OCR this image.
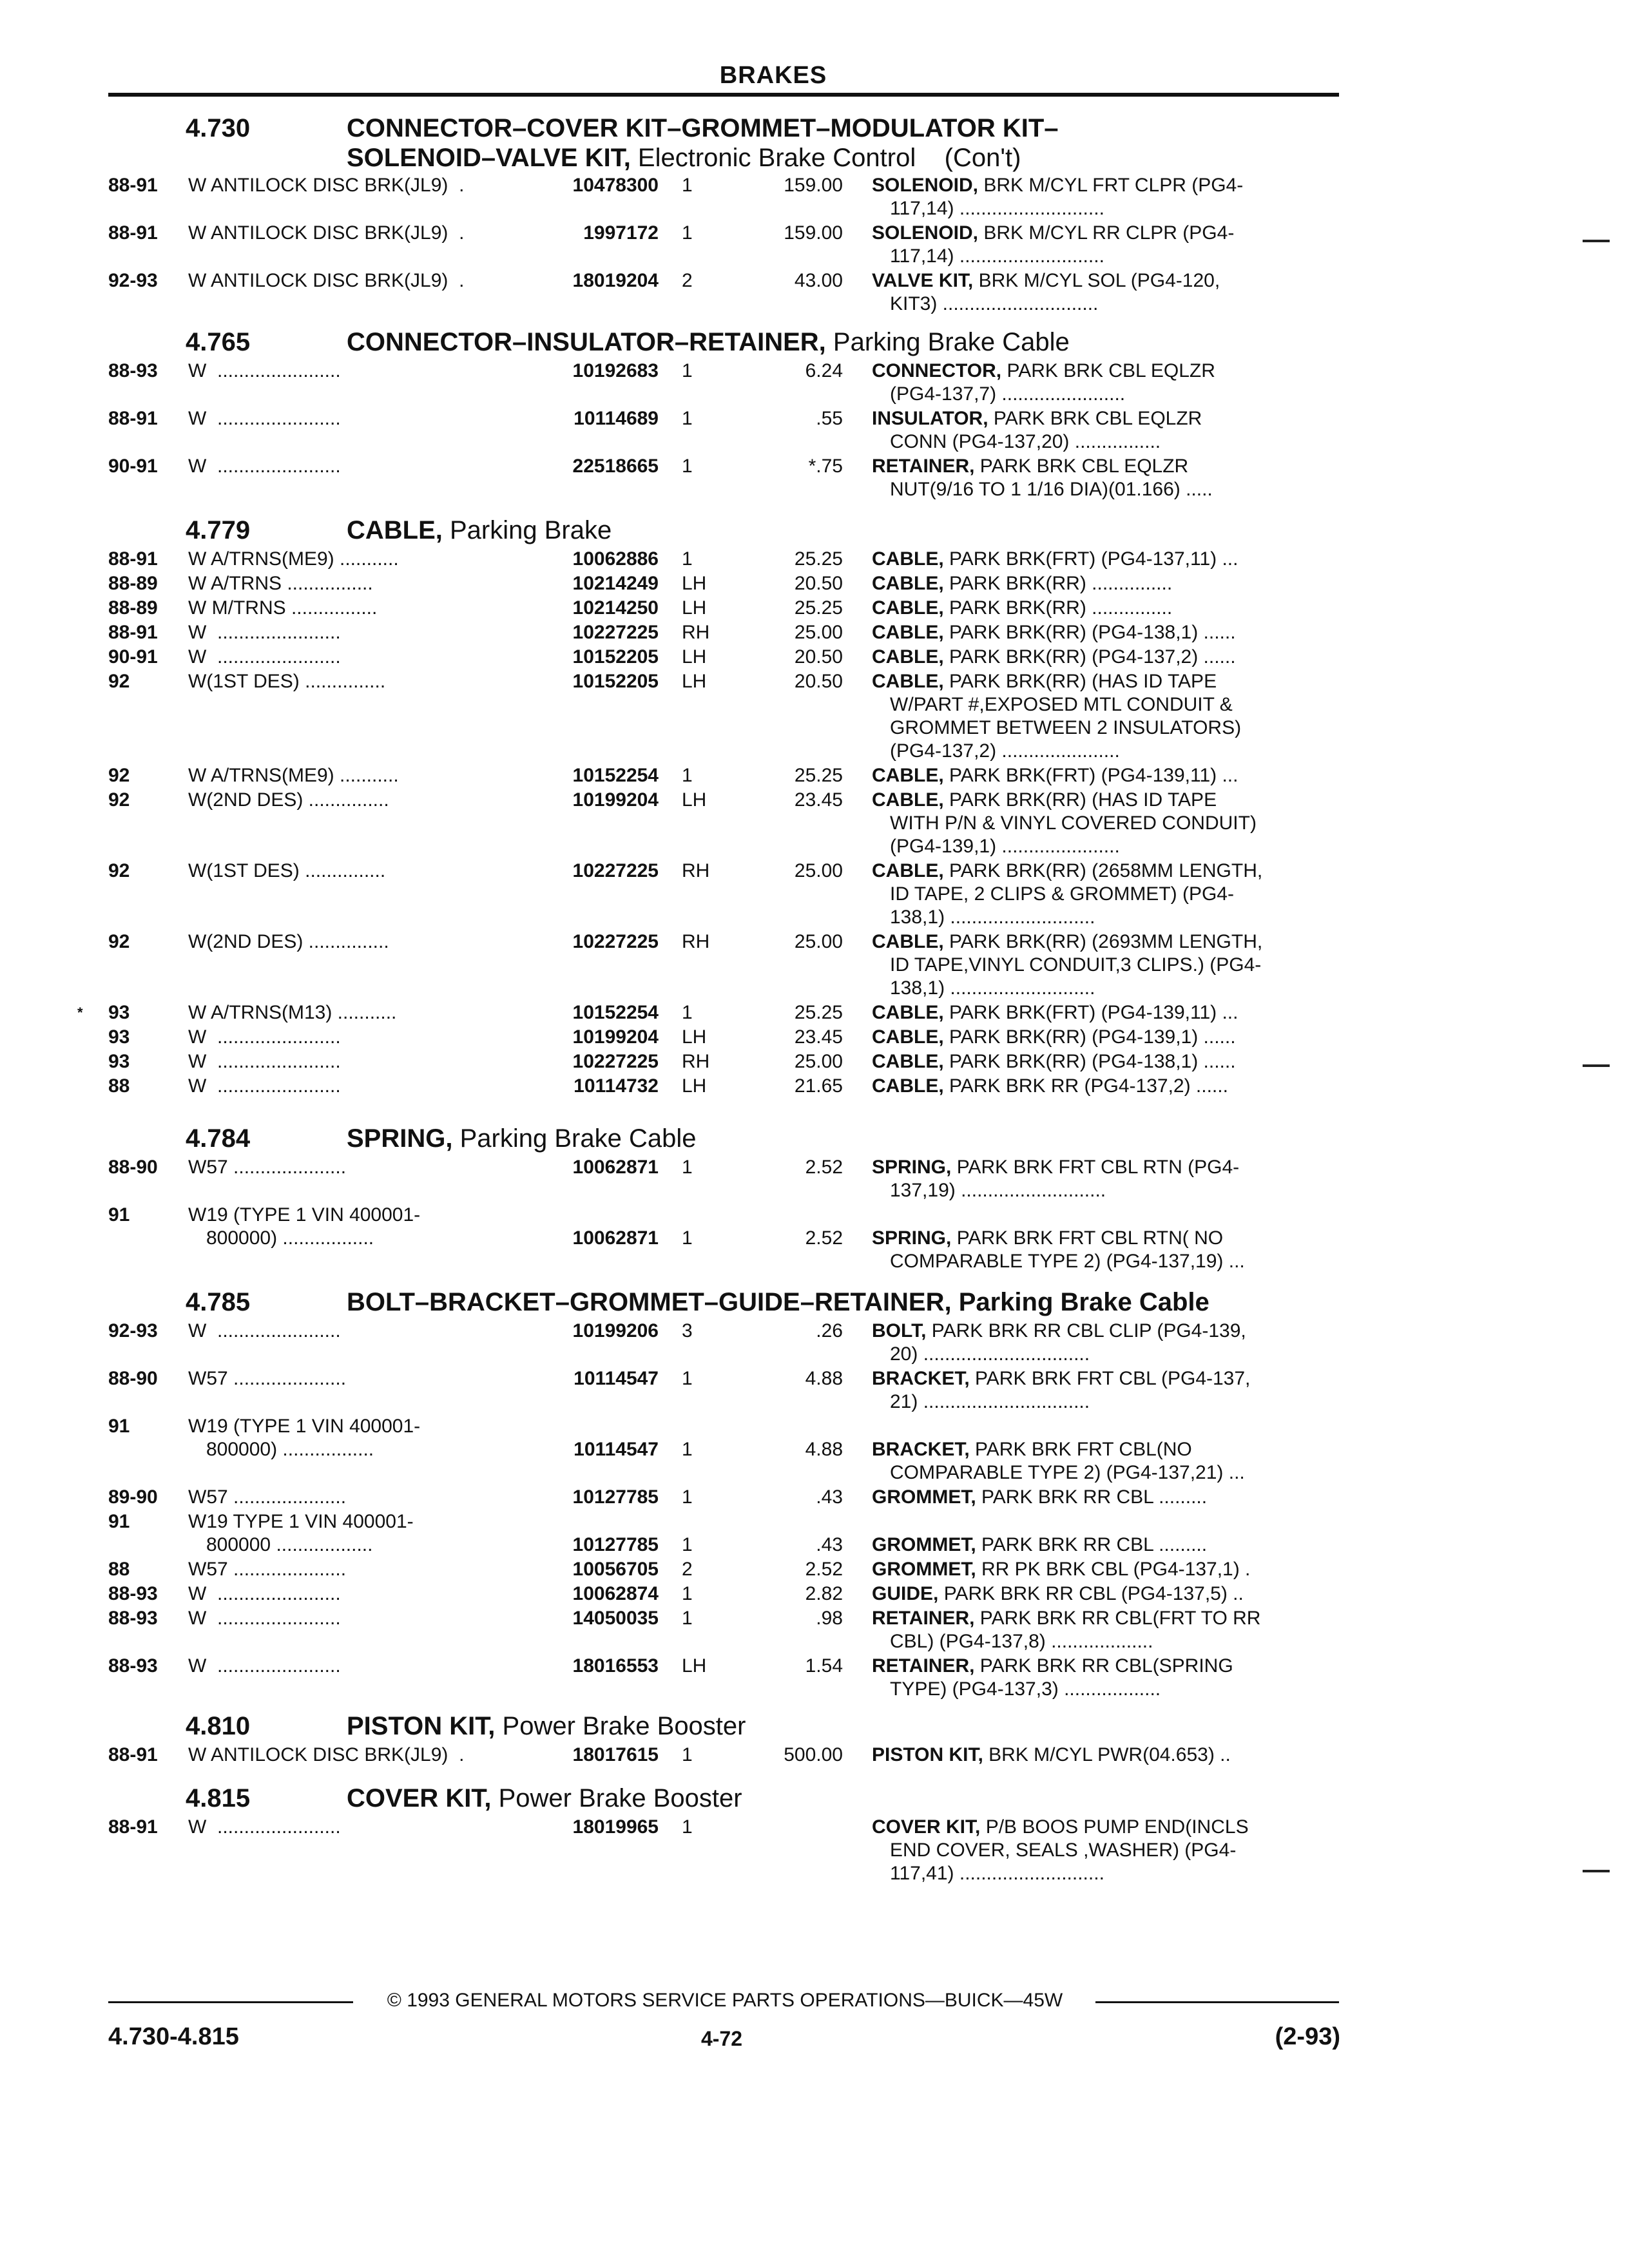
BRAKES
4.730	CONNECTOR–COVER KIT–GROMMET–MODULATOR KIT–
SOLENOID–VALVE KIT, Electronic Brake Control    (Con't)
88-91	W ANTILOCK DISC BRK(JL9)  .	10478300 1	159.00 SOLENOID, BRK M/CYL FRT CLPR (PG4-
117,14) ...........................
88-91	W ANTILOCK DISC BRK(JL9)  .	1997172 1	159.00 SOLENOID, BRK M/CYL RR CLPR (PG4-
117,14) ...........................
92-93	W ANTILOCK DISC BRK(JL9)  .	18019204 2	43.00 VALVE KIT, BRK M/CYL SOL (PG4-120,
KIT3) .............................
4.765	CONNECTOR–INSULATOR–RETAINER, Parking Brake Cable
88-93	W  .......................	10192683 1	6.24 CONNECTOR, PARK BRK CBL EQLZR
(PG4-137,7) .......................
88-91	W  .......................	10114689 1	.55 INSULATOR, PARK BRK CBL EQLZR
CONN (PG4-137,20) ................
90-91	W  .......................	22518665 1	*.75 RETAINER, PARK BRK CBL EQLZR
NUT(9/16 TO 1 1/16 DIA)(01.166) .....
4.779	CABLE, Parking Brake
88-91	W A/TRNS(ME9) ...........	10062886 1	25.25 CABLE, PARK BRK(FRT) (PG4-137,11) ...
88-89	W A/TRNS ................	10214249 LH	20.50 CABLE, PARK BRK(RR) ...............
88-89	W M/TRNS ................	10214250 LH	25.25 CABLE, PARK BRK(RR) ...............
88-91	W  .......................	10227225 RH	25.00 CABLE, PARK BRK(RR) (PG4-138,1) ......
90-91	W  .......................	10152205 LH	20.50 CABLE, PARK BRK(RR) (PG4-137,2) ......
92	W(1ST DES) ...............	10152205 LH	20.50 CABLE, PARK BRK(RR) (HAS ID TAPE
W/PART #,EXPOSED MTL CONDUIT &
GROMMET BETWEEN 2 INSULATORS)
(PG4-137,2) ......................
92	W A/TRNS(ME9) ...........	10152254 1	25.25 CABLE, PARK BRK(FRT) (PG4-139,11) ...
92	W(2ND DES) ...............	10199204 LH	23.45 CABLE, PARK BRK(RR) (HAS ID TAPE
WITH P/N & VINYL COVERED CONDUIT)
(PG4-139,1) ......................
92	W(1ST DES) ...............	10227225 RH	25.00 CABLE, PARK BRK(RR) (2658MM LENGTH,
ID TAPE, 2 CLIPS & GROMMET) (PG4-
138,1) ...........................
92	W(2ND DES) ...............	10227225 RH	25.00 CABLE, PARK BRK(RR) (2693MM LENGTH,
ID TAPE,VINYL CONDUIT,3 CLIPS.) (PG4-
138,1) ...........................
* 93	W A/TRNS(M13) ...........	10152254 1	25.25 CABLE, PARK BRK(FRT) (PG4-139,11) ...
93	W  .......................	10199204 LH	23.45 CABLE, PARK BRK(RR) (PG4-139,1) ......
93	W  .......................	10227225 RH	25.00 CABLE, PARK BRK(RR) (PG4-138,1) ......
88	W  .......................	10114732 LH	21.65 CABLE, PARK BRK RR (PG4-137,2) ......
4.784	SPRING, Parking Brake Cable
88-90	W57 .....................	10062871 1	2.52 SPRING, PARK BRK FRT CBL RTN (PG4-
137,19) ...........................
91	W19 (TYPE 1 VIN 400001-
800000) .................	10062871 1	2.52 SPRING, PARK BRK FRT CBL RTN( NO
COMPARABLE TYPE 2) (PG4-137,19) ...
4.785	BOLT–BRACKET–GROMMET–GUIDE–RETAINER, Parking Brake Cable
92-93	W  .......................	10199206 3	.26 BOLT, PARK BRK RR CBL CLIP (PG4-139,
20) ...............................
88-90	W57 .....................	10114547 1	4.88 BRACKET, PARK BRK FRT CBL (PG4-137,
21) ...............................
91	W19 (TYPE 1 VIN 400001-
800000) .................	10114547 1	4.88 BRACKET, PARK BRK FRT CBL(NO
COMPARABLE TYPE 2) (PG4-137,21) ...
89-90	W57 .....................	10127785 1	.43 GROMMET, PARK BRK RR CBL .........
91	W19 TYPE 1 VIN 400001-
800000 ..................	10127785 1	.43 GROMMET, PARK BRK RR CBL .........
88	W57 .....................	10056705 2	2.52 GROMMET, RR PK BRK CBL (PG4-137,1) .
88-93	W  .......................	10062874 1	2.82 GUIDE, PARK BRK RR CBL (PG4-137,5) ..
88-93	W  .......................	14050035 1	.98 RETAINER, PARK BRK RR CBL(FRT TO RR
CBL) (PG4-137,8) ...................
88-93	W  .......................	18016553 LH	1.54 RETAINER, PARK BRK RR CBL(SPRING
TYPE) (PG4-137,3) ..................
4.810	PISTON KIT, Power Brake Booster
88-91	W ANTILOCK DISC BRK(JL9)  .	18017615 1	500.00 PISTON KIT, BRK M/CYL PWR(04.653) ..
4.815	COVER KIT, Power Brake Booster
88-91	W  .......................	18019965 1	COVER KIT, P/B BOOS PUMP END(INCLS
END COVER, SEALS ,WASHER) (PG4-
117,41) ...........................
© 1993 GENERAL MOTORS SERVICE PARTS OPERATIONS—BUICK—45W
4.730-4.815	4-72	(2-93)
